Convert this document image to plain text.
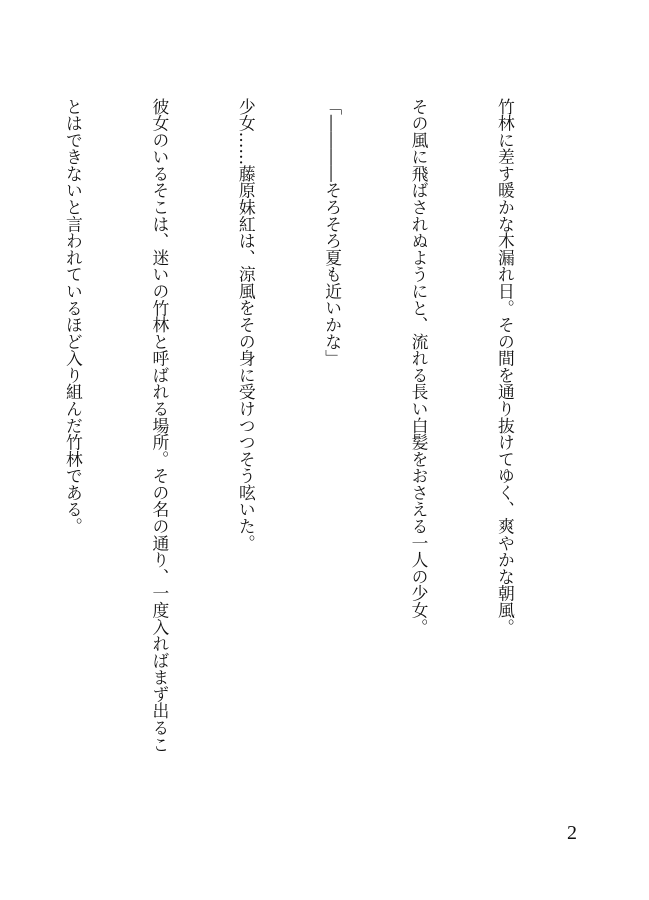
竹林に差す暖かな木漏れ日。その間を通り抜けてゆく、爽やかな朝風。

その風に飛ばされぬようにと、流れる長い白髪をおさえる一人の少女。

「――――そろそろ夏も近いかな」

少女……藤原妹紅は、涼風をその身に受けつつそう呟いた。

彼女のいるそこは、迷いの竹林と呼ばれる場所。その名の通り、一度入ればまず出るこ

とはできないと言われているほど入り組んだ竹林である。

2
